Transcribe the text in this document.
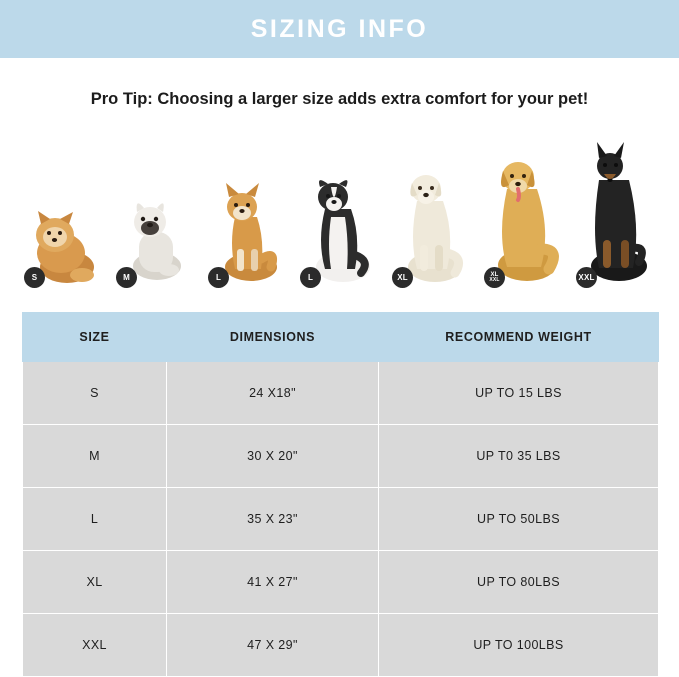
SIZING INFO
Pro Tip: Choosing a larger size adds extra comfort for your pet!
S	M	L	L	XL	XL
XXL	XXL
SIZE	DIMENSIONS	RECOMMEND WEIGHT
S	24 X18"	UP TO 15 LBS
M	30 X 20"	UP T0 35 LBS
L	35 X 23"	UP TO 50LBS
XL	41 X 27"	UP TO 80LBS
XXL	47 X 29"	UP TO 100LBS
